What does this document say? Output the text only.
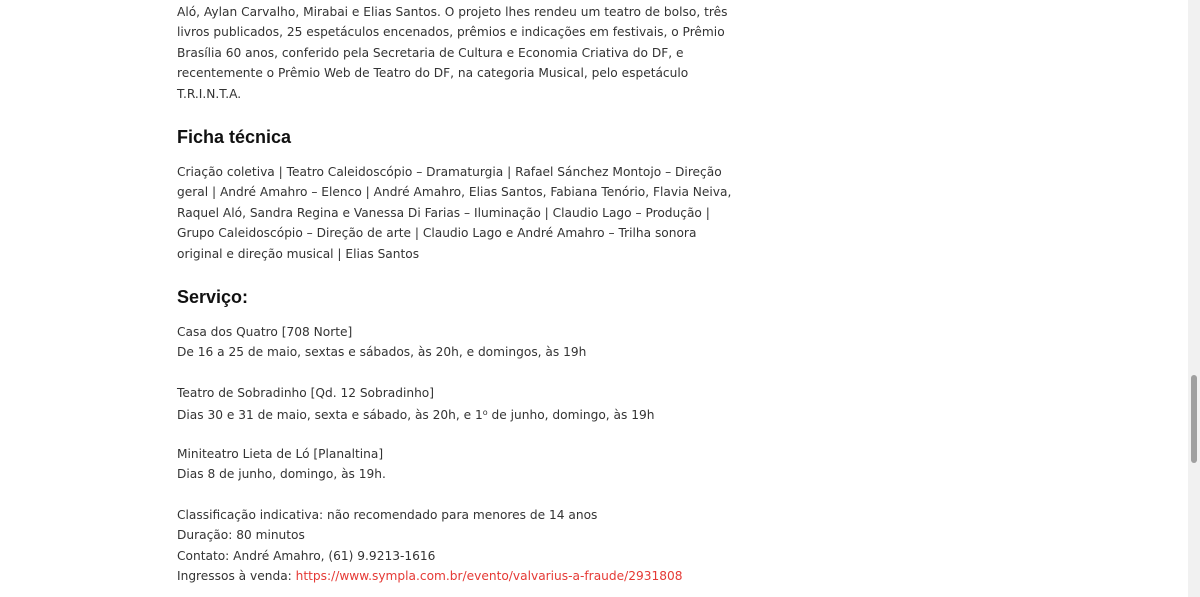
Aló, Aylan Carvalho, Mirabai e Elias Santos. O projeto lhes rendeu um teatro de bolso, três
livros publicados, 25 espetáculos encenados, prêmios e indicações em festivais, o Prêmio
Brasília 60 anos, conferido pela Secretaria de Cultura e Economia Criativa do DF, e
recentemente o Prêmio Web de Teatro do DF, na categoria Musical, pelo espetáculo
T.R.I.N.T.A.

Ficha técnica

Criação coletiva | Teatro Caleidoscópio – Dramaturgia | Rafael Sánchez Montojo – Direção
geral | André Amahro – Elenco | André Amahro, Elias Santos, Fabiana Tenório, Flavia Neiva,
Raquel Aló, Sandra Regina e Vanessa Di Farias – Iluminação | Claudio Lago – Produção |
Grupo Caleidoscópio – Direção de arte | Claudio Lago e André Amahro – Trilha sonora
original e direção musical | Elias Santos

Serviço:

Casa dos Quatro [708 Norte]
De 16 a 25 de maio, sextas e sábados, às 20h, e domingos, às 19h

Teatro de Sobradinho [Qd. 12 Sobradinho]
Dias 30 e 31 de maio, sexta e sábado, às 20h, e 1$^o$ de junho, domingo, às 19h

Miniteatro Lieta de Ló [Planaltina]
Dias 8 de junho, domingo, às 19h.

Classificação indicativa: não recomendado para menores de 14 anos
Duração: 80 minutos
Contato: André Amahro, (61) 9.9213-1616
Ingressos à venda: https://www.sympla.com.br/evento/valvarius-a-fraude/2931808
